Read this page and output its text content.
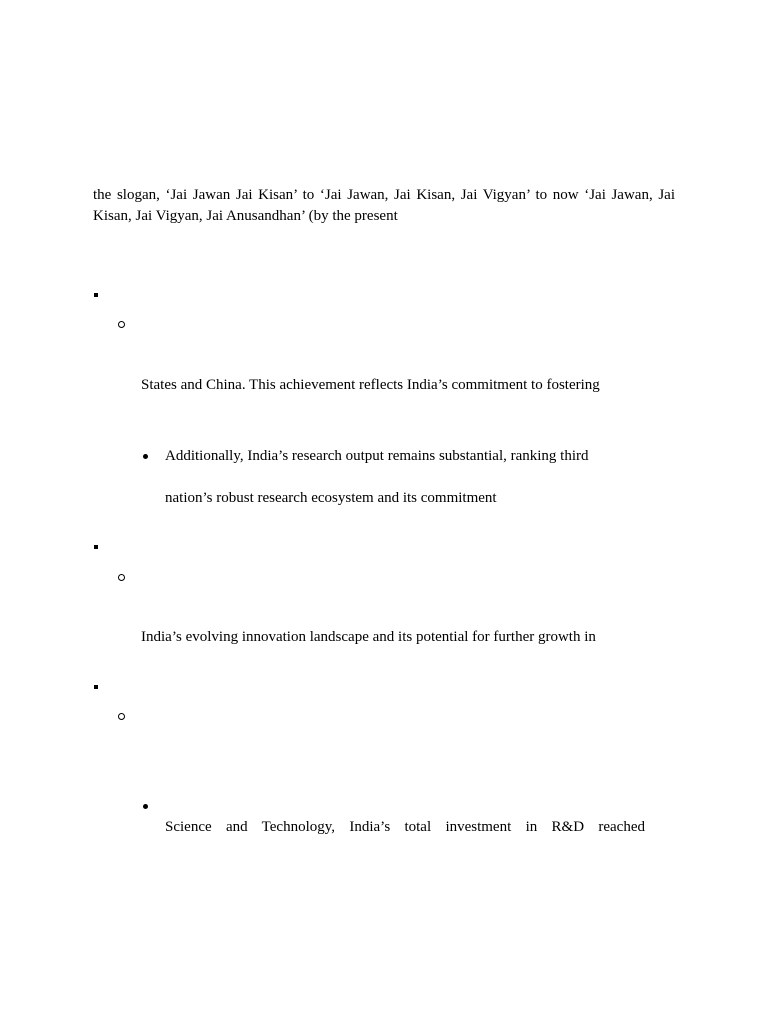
the slogan, ‘Jai Jawan Jai Kisan’ to ‘Jai Jawan, Jai Kisan, Jai Vigyan’ to now ‘Jai Jawan, Jai Kisan, Jai Vigyan, Jai Anusandhan’ (by the present
States and China. This achievement reflects India’s commitment to fostering
Additionally, India’s research output remains substantial, ranking third
nation’s robust research ecosystem and its commitment
India’s evolving innovation landscape and its potential for further growth in
Science and Technology, India’s total investment in R&D reached
